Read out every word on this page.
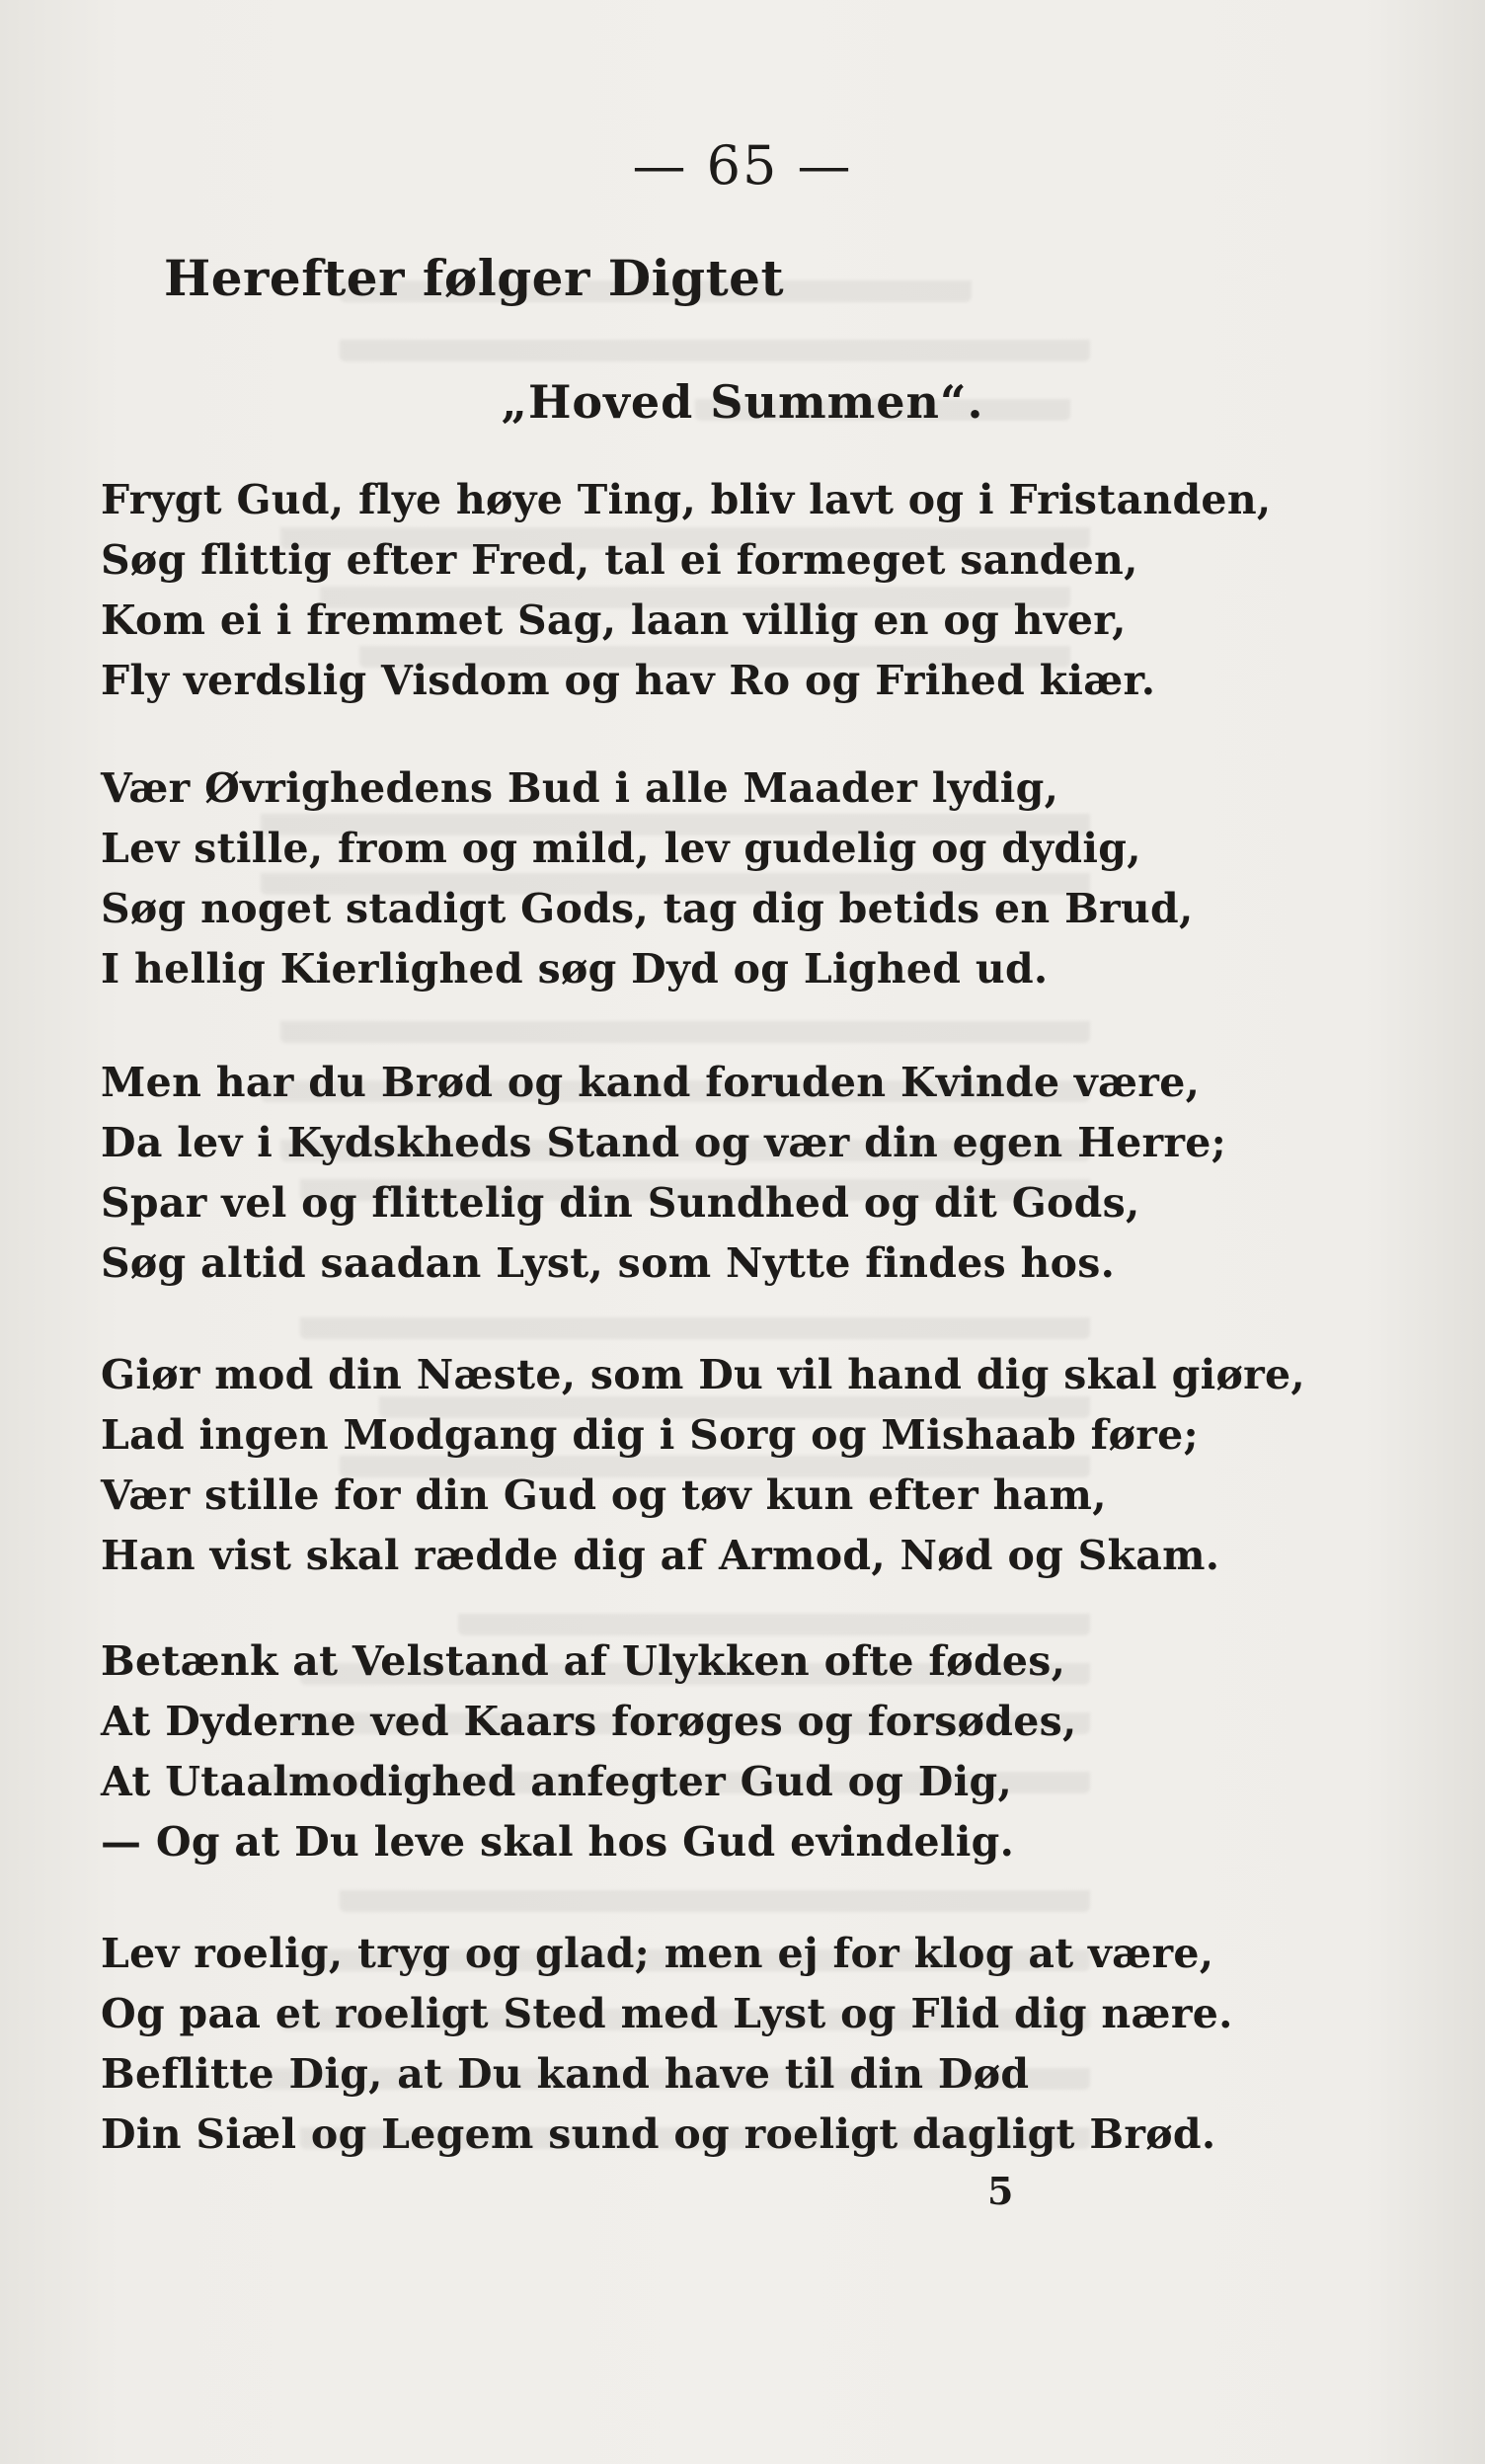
— 65 —
Herefter følger Digtet
„Hoved Summen“.
Frygt Gud, flye høye Ting, bliv lavt og i Fristanden,
Søg flittig efter Fred, tal ei formeget sanden,
Kom ei i fremmet Sag, laan villig en og hver,
Fly verdslig Visdom og hav Ro og Frihed kiær.
Vær Øvrighedens Bud i alle Maader lydig,
Lev stille, from og mild, lev gudelig og dydig,
Søg noget stadigt Gods, tag dig betids en Brud,
I hellig Kierlighed søg Dyd og Lighed ud.
Men har du Brød og kand foruden Kvinde være,
Da lev i Kydskheds Stand og vær din egen Herre;
Spar vel og flittelig din Sundhed og dit Gods,
Søg altid saadan Lyst, som Nytte findes hos.
Giør mod din Næste, som Du vil hand dig skal giøre,
Lad ingen Modgang dig i Sorg og Mishaab føre;
Vær stille for din Gud og tøv kun efter ham,
Han vist skal rædde dig af Armod, Nød og Skam.
Betænk at Velstand af Ulykken ofte fødes,
At Dyderne ved Kaars forøges og forsødes,
At Utaalmodighed anfegter Gud og Dig,
— Og at Du leve skal hos Gud evindelig.
Lev roelig, tryg og glad; men ej for klog at være,
Og paa et roeligt Sted med Lyst og Flid dig nære.
Beflitte Dig, at Du kand have til din Død
Din Siæl og Legem sund og roeligt dagligt Brød.
5
